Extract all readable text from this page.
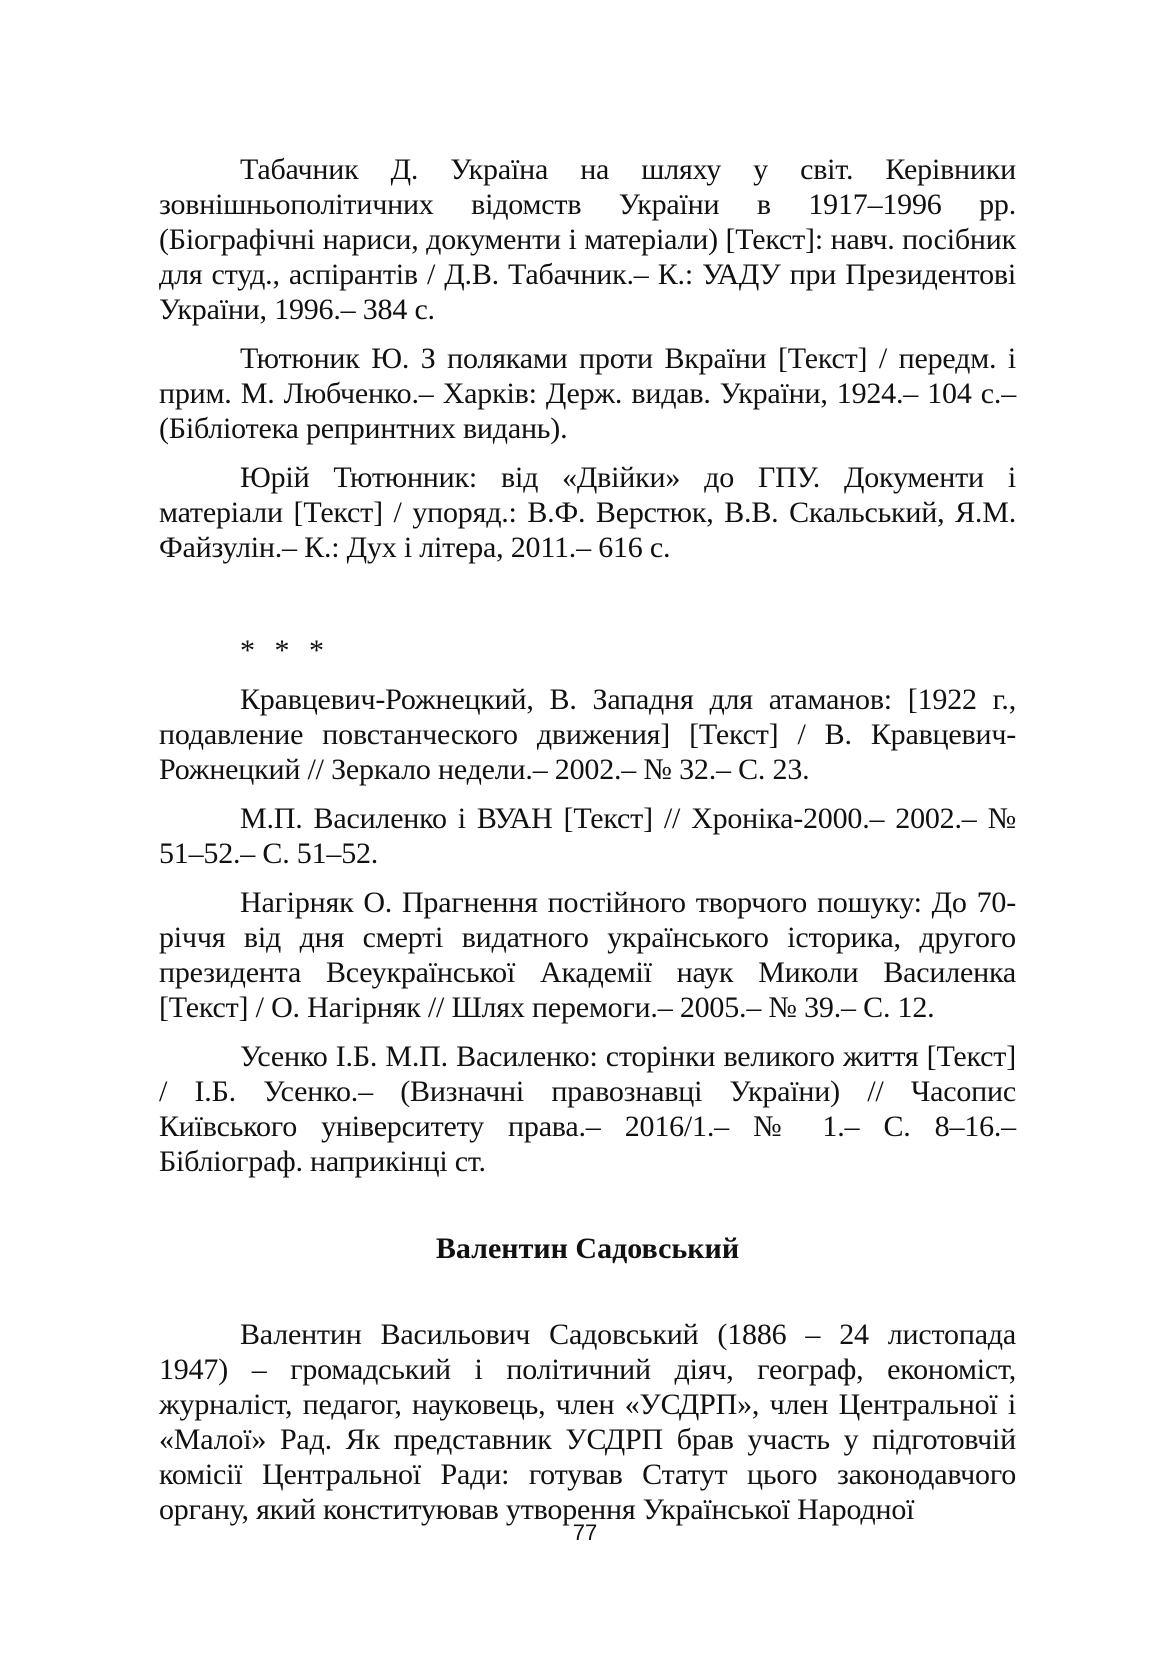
Табачник Д. Україна на шляху у світ. Керівники зовнішньополітичних відомств України в 1917–1996 рр. (Біографічні нариси, документи і матеріали) [Текст]: навч. посібник для студ., аспірантів / Д.В. Табачник.– К.: УАДУ при Президентові України, 1996.– 384 с.

Тютюник Ю. З поляками проти Вкраїни [Текст] / передм. і прим. М. Любченко.– Харків: Держ. видав. України, 1924.– 104 с.– (Бібліотека репринтних видань).

Юрій Тютюнник: від «Двійки» до ГПУ. Документи і матеріали [Текст] / упоряд.: В.Ф. Верстюк, В.В. Скальський, Я.М. Файзулін.– К.: Дух і літера, 2011.– 616 с.

* * *

Кравцевич-Рожнецкий, В. Западня для атаманов: [1922 г., подавление повстанческого движения] [Текст] / В. Кравцевич-Рожнецкий // Зеркало недели.– 2002.– № 32.– С. 23.

М.П. Василенко і ВУАН [Текст] // Хроніка-2000.– 2002.– № 51–52.– С. 51–52.

Нагірняк О. Прагнення постійного творчого пошуку: До 70-річчя від дня смерті видатного українського історика, другого президента Всеукраїнської Академії наук Миколи Василенка [Текст] / О. Нагірняк // Шлях перемоги.– 2005.– № 39.– С. 12.

Усенко І.Б. М.П. Василенко: сторінки великого життя [Текст] / І.Б. Усенко.– (Визначні правознавці України) // Часопис Київського університету права.– 2016/1.– № 1.– С. 8–16.– Бібліограф. наприкінці ст.

Валентин Садовський

Валентин Васильович Садовський (1886 – 24 листопада 1947) – громадський і політичний діяч, географ, економіст, журналіст, педагог, науковець, член «УСДРП», член Центральної і «Малої» Рад. Як представник УСДРП брав участь у підготовчій комісії Центральної Ради: готував Статут цього законодавчого органу, який конституював утворення Української Народної

77
